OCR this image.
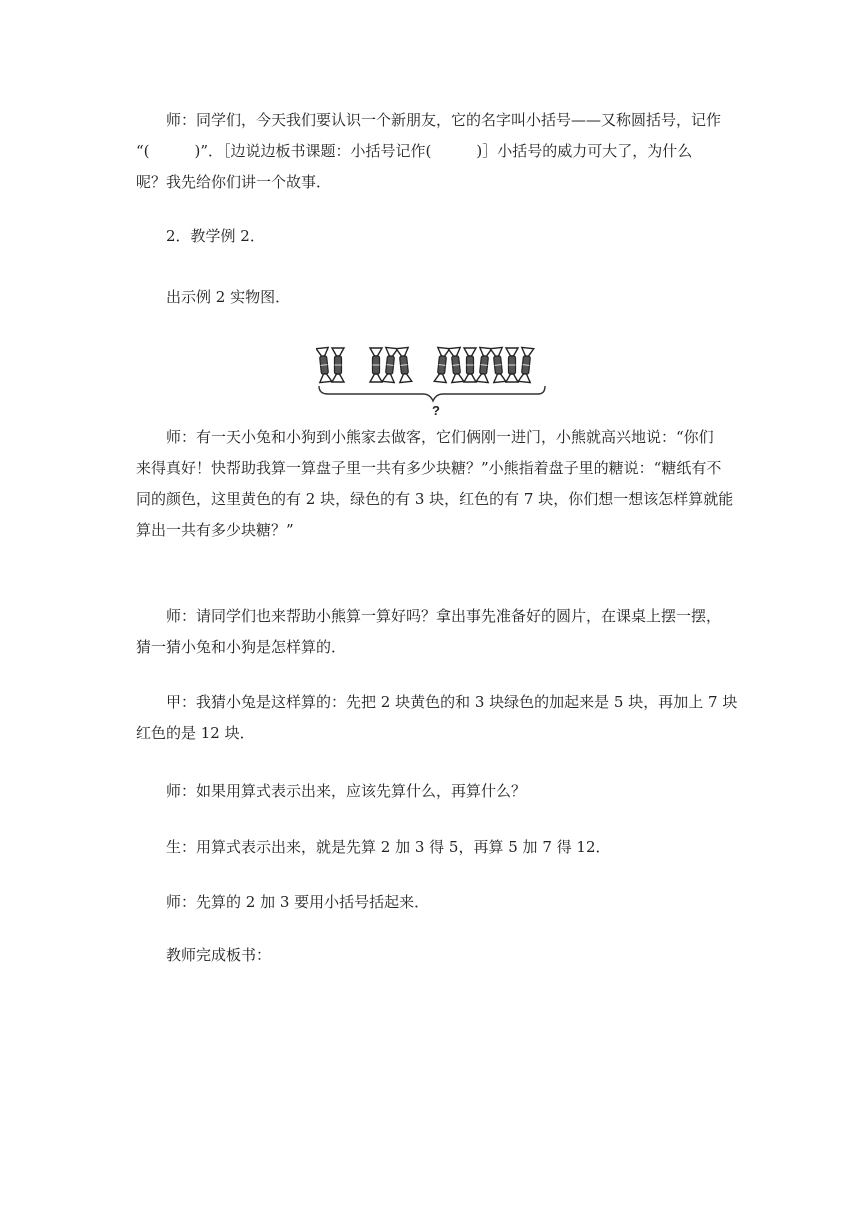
师：同学们，今天我们要认识一个新朋友，它的名字叫小括号——又称圆括号，记作
“(　　　)”．［边说边板书课题：小括号记作(　　　)］小括号的威力可大了，为什么
呢？我先给你们讲一个故事．
2．教学例 2．
出示例 2 实物图．
?
师：有一天小兔和小狗到小熊家去做客，它们俩刚一进门，小熊就高兴地说：“你们
来得真好！快帮助我算一算盘子里一共有多少块糖？”小熊指着盘子里的糖说：“糖纸有不
同的颜色，这里黄色的有 2 块，绿色的有 3 块，红色的有 7 块，你们想一想该怎样算就能
算出一共有多少块糖？”
师：请同学们也来帮助小熊算一算好吗？拿出事先准备好的圆片，在课桌上摆一摆，
猜一猜小兔和小狗是怎样算的．
甲：我猜小兔是这样算的：先把 2 块黄色的和 3 块绿色的加起来是 5 块，再加上 7 块
红色的是 12 块．
师：如果用算式表示出来，应该先算什么，再算什么？
生：用算式表示出来，就是先算 2 加 3 得 5，再算 5 加 7 得 12．
师：先算的 2 加 3 要用小括号括起来．
教师完成板书：
